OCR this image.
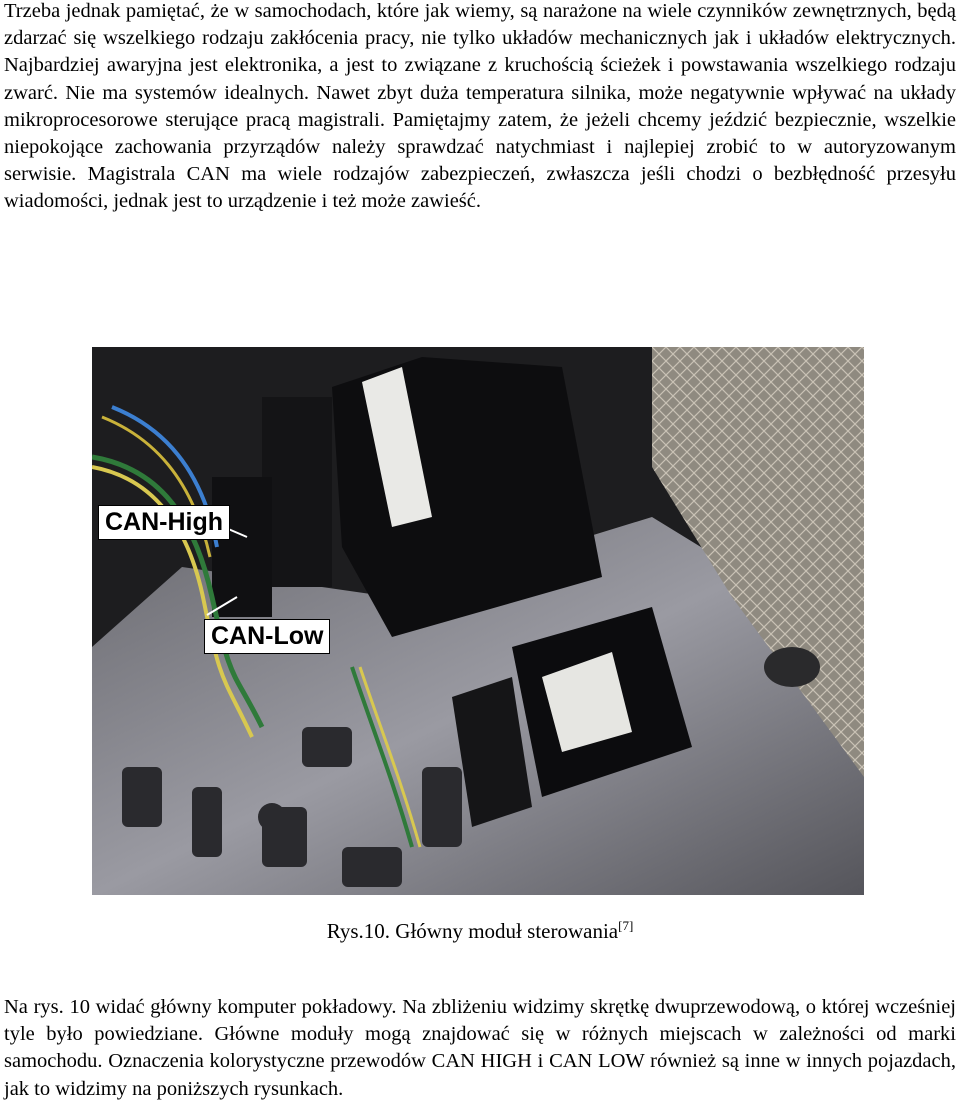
Trzeba jednak pamiętać, że w samochodach, które jak wiemy, są narażone na wiele czynników zewnętrznych, będą zdarzać się wszelkiego rodzaju zakłócenia pracy, nie tylko układów mechanicznych jak i układów elektrycznych. Najbardziej awaryjna jest elektronika, a jest to związane z kruchością ścieżek i powstawania wszelkiego rodzaju zwarć. Nie ma systemów idealnych. Nawet zbyt duża temperatura silnika, może negatywnie wpływać na układy mikroprocesorowe sterujące pracą magistrali. Pamiętajmy zatem, że jeżeli chcemy jeździć bezpiecznie, wszelkie niepokojące zachowania przyrządów należy sprawdzać natychmiast i najlepiej zrobić to w autoryzowanym serwisie. Magistrala CAN ma wiele rodzajów zabezpieczeń, zwłaszcza jeśli chodzi o bezbłędność przesyłu wiadomości, jednak jest to urządzenie i też może zawieść.

CAN-High
CAN-Low
Rys.10. Główny moduł sterowania[7]

Na rys. 10 widać główny komputer pokładowy. Na zbliżeniu widzimy skrętkę dwuprzewodową, o której wcześniej tyle było powiedziane. Główne moduły mogą znajdować się w różnych miejscach w zależności od marki samochodu. Oznaczenia kolorystyczne przewodów CAN HIGH i CAN LOW również są inne w innych pojazdach, jak to widzimy na poniższych rysunkach.
